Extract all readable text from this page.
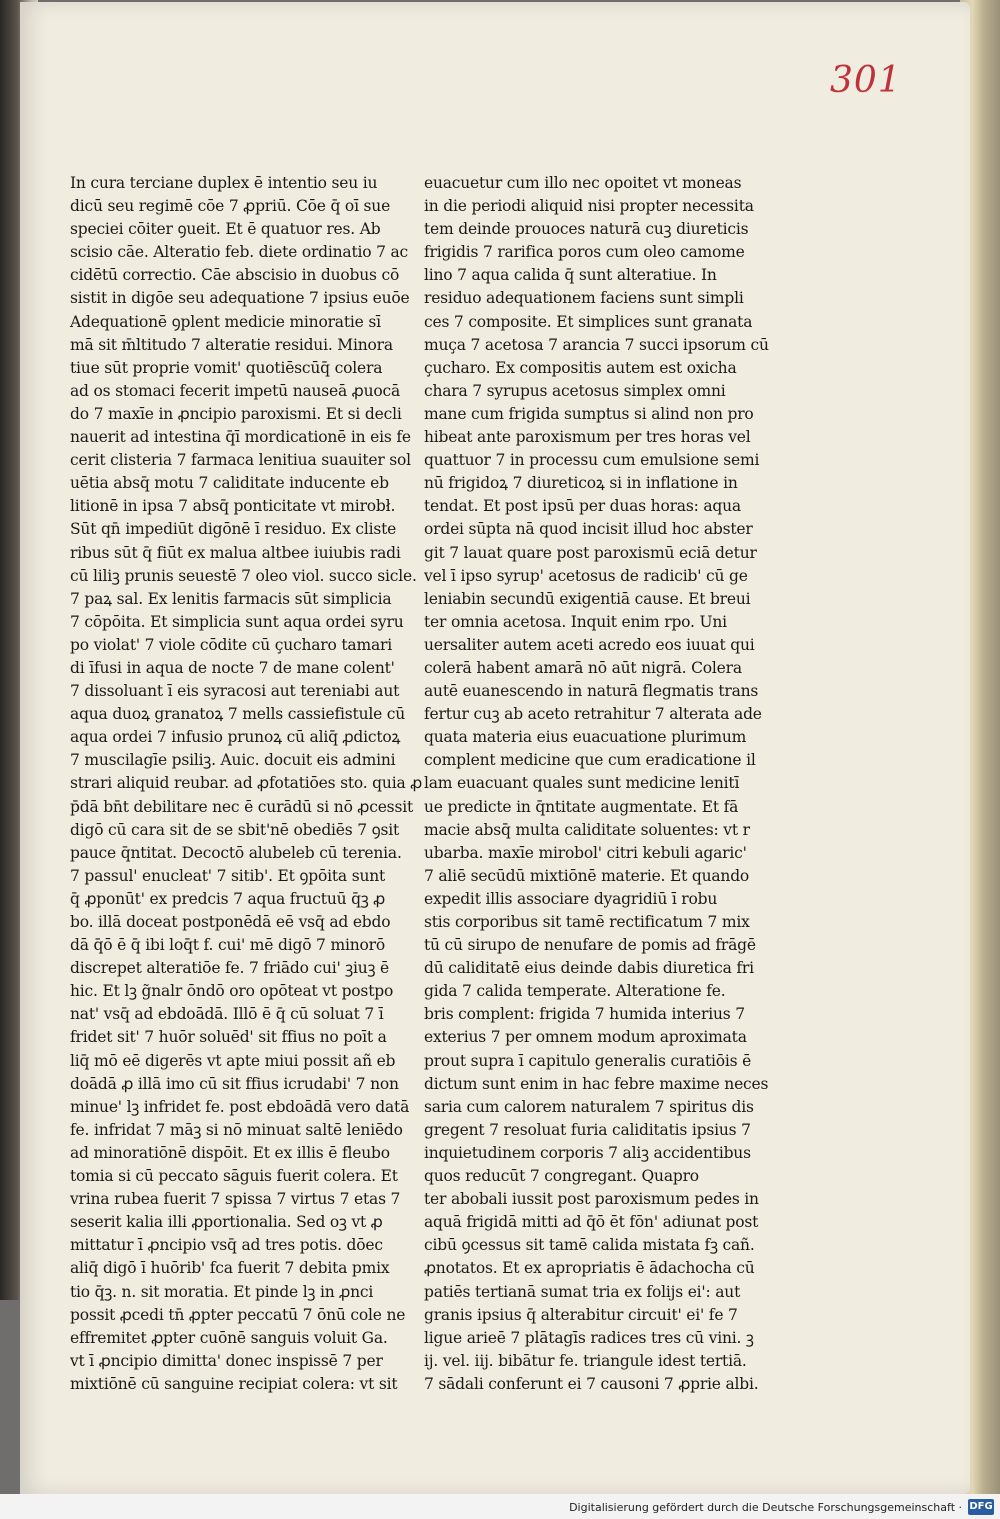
301
In cura terciane duplex ē intentio seu iu
dicū seu regimē cōe 7 ꝓpriū. Cōe q̄ oī sue
speciei cōiter ꝯueit. Et ē quatuor res. Ab
scisio cāe. Alteratio feb. diete ordinatio 7 ac
cidētū correctio. Cāe abscisio in duobus cō
sistit in digōe seu adequatione 7 ipsius euōe
Adequationē ꝯplent medicie minoratie sī
mā sit m̄ltitudo 7 alteratie residui. Minora
tiue sūt proprie vomit' quotiēscūq̄ colera
ad os stomaci fecerit impetū nauseā ꝓuocā
do 7 maxīe in ꝓncipio paroxismi. Et si decli
nauerit ad intestina q̄ī mordicationē in eis fe
cerit clisteria 7 farmaca lenitiua suauiter sol
uētia absq̄ motu 7 caliditate inducente eb
litionē in ipsa 7 absq̄ ponticitate vt mirobł.
Sūt qn̄ impediūt digōnē ī residuo. Ex cliste
ribus sūt q̄ fiūt ex malua altbee iuiubis radi
cū liliꝫ prunis seuestē 7 oleo viol. succo sicle.
7 paꝝ sal. Ex lenitis farmacis sūt simplicia
7 cōpōita. Et simplicia sunt aqua ordei syru
po violat' 7 viole cōdite cū çucharo tamari
di īfusi in aqua de nocte 7 de mane colent'
7 dissoluant ī eis syracosi aut tereniabi aut
aqua duoꝝ granatoꝝ 7 mells cassiefistule cū
aqua ordei 7 infusio prunoꝝ cū aliq̄ ꝓdictoꝝ
7 muscilagīe psiliꝫ. Auic. docuit eis admini
strari aliquid reubar. ad ꝓfotatiōes sto. quia ꝓ
p̄dā bn̄t debilitare nec ē curādū si nō ꝓcessit
digō cū cara sit de se sbit'nē obediēs 7 ꝯsit
pauce q̄ntitat. Decoctō alubeleb cū terenia.
7 passul' enucleat' 7 sitib'. Et ꝯpōita sunt
q̄ ꝓponūt' ex predcis 7 aqua fructuū q̄ꝫ ꝓ
bo. illā doceat postponēdā eē vsq̄ ad ebdo
dā q̄ō ē q̄ ibi loq̄t f. cui' mē digō 7 minorō
discrepet alteratiōe fe. 7 friādo cui' ꝫiuꝫ ē
hic. Et lꝫ g̃nalr ōndō oro opōteat vt postpo
nat' vsq̄ ad ebdoādā. Illō ē q̄ cū soluat 7 ī
fridet sit' 7 huōr soluēd' sit ffius no poīt a
liq̄ mō eē digerēs vt apte miui possit añ eb
doādā ꝓ illā imo cū sit ffius icrudabi' 7 non
minue' lꝫ infridet fe. post ebdoādā vero datā
fe. infridat 7 māꝫ si nō minuat saltē leniēdo
ad minoratiōnē dispōit. Et ex illis ē fleubo
tomia si cū peccato sāguis fuerit colera. Et
vrina rubea fuerit 7 spissa 7 virtus 7 etas 7
seserit kalia illi ꝓportionalia. Sed oꝫ vt ꝓ
mittatur ī ꝓncipio vsq̄ ad tres potis. dōec
aliq̄ digō ī huōrib' fca fuerit 7 debita pmix
tio q̄ꝫ. n. sit moratia. Et pinde lꝫ in ꝓnci
possit ꝓcedi tn̄ ꝓpter peccatū 7 ōnū cole ne
effremitet ꝓpter cuōnē sanguis voluit Ga.
vt ī ꝓncipio dimitta' donec inspissē 7 per
mixtiōnē cū sanguine recipiat colera: vt sit
euacuetur cum illo nec opoitet vt moneas
in die periodi aliquid nisi propter necessita
tem deinde prouoces naturā cuꝫ diureticis
frigidis 7 rarifica poros cum oleo camome
lino 7 aqua calida q̄ sunt alteratiue. In
residuo adequationem faciens sunt simpli
ces 7 composite. Et simplices sunt granata
muça 7 acetosa 7 arancia 7 succi ipsorum cū
çucharo. Ex compositis autem est oxicha
chara 7 syrupus acetosus simplex omni
mane cum frigida sumptus si alind non pro
hibeat ante paroxismum per tres horas vel
quattuor 7 in processu cum emulsione semi
nū frigidoꝝ 7 diureticoꝝ si in inflatione in
tendat. Et post ipsū per duas horas: aqua
ordei sūpta nā quod incisit illud hoc abster
git 7 lauat quare post paroxismū eciā detur
vel ī ipso syrup' acetosus de radicib' cū ge
leniabin secundū exigentiā cause. Et breui
ter omnia acetosa. Inquit enim rpo. Uni
uersaliter autem aceti acredo eos iuuat qui
colerā habent amarā nō aūt nigrā. Colera
autē euanescendo in naturā flegmatis trans
fertur cuꝫ ab aceto retrahitur 7 alterata ade
quata materia eius euacuatione plurimum
complent medicine que cum eradicatione il
lam euacuant quales sunt medicine lenitī
ue predicte in q̄ntitate augmentate. Et fā
macie absq̄ multa caliditate soluentes: vt r
ubarba. maxīe mirobol' citri kebuli agaric'
7 aliē secūdū mixtiōnē materie. Et quando
expedit illis associare dyagridiū ī robu
stis corporibus sit tamē rectificatum 7 mix
tū cū sirupo de nenufare de pomis ad frāgē
dū caliditatē eius deinde dabis diuretica fri
gida 7 calida temperate. Alteratione fe.
bris complent: frigida 7 humida interius 7
exterius 7 per omnem modum aproximata
prout supra ī capitulo generalis curatiōis ē
dictum sunt enim in hac febre maxime neces
saria cum calorem naturalem 7 spiritus dis
gregent 7 resoluat furia caliditatis ipsius 7
inquietudinem corporis 7 aliꝫ accidentibus
quos reducūt 7 congregant. Quapro
ter abobali iussit post paroxismum pedes in
aquā frigidā mitti ad q̄ō ēt fōn' adiunat post
cibū ꝯcessus sit tamē calida mistata fꝫ cañ.
ꝓnotatos. Et ex apropriatis ē ādachocha cū
patiēs tertianā sumat tria ex folijs ei': aut
granis ipsius q̄ alterabitur circuit' ei' fe 7
ligue arieē 7 plātagīs radices tres cū vini. ꝫ
ij. vel. iij. bibātur fe. triangule idest tertiā.
7 sādali conferunt ei 7 causoni 7 ꝓprie albi.
Digitalisierung gefördert durch die Deutsche Forschungsgemeinschaft · DFG
